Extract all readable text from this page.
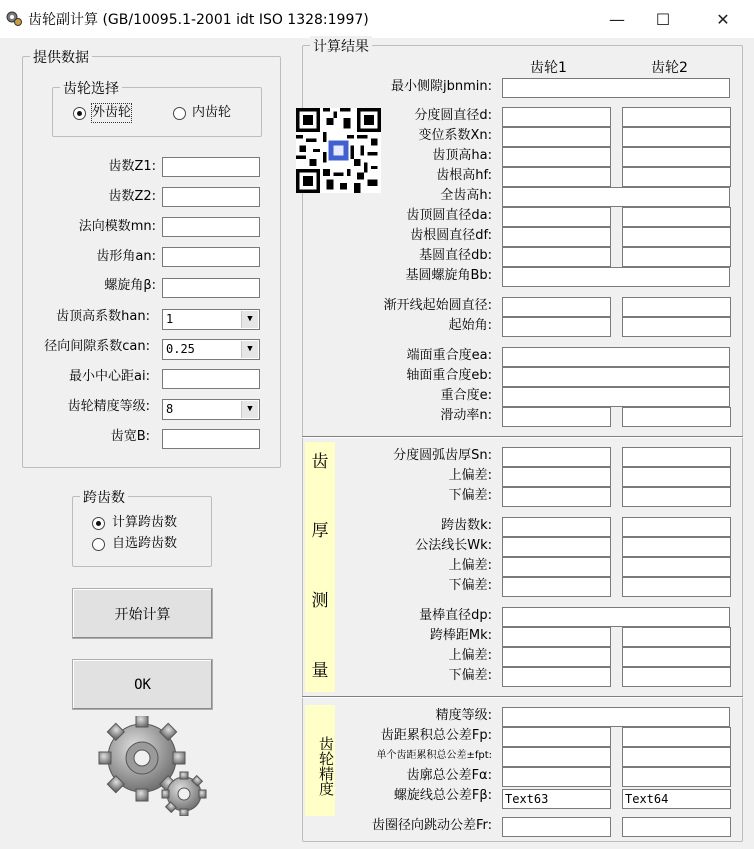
齿轮副计算 (GB/10095.1-2001 idt ISO 1328:1997)	—	☐	✕
提供数据
齿轮选择
外齿轮	内齿轮
齿数Z1:
齿数Z2:
法向模数mn:
齿形角an:
螺旋角β:
齿顶高系数han:	1	▼
径向间隙系数can:	0.25	▼
最小中心距ai:
齿轮精度等级:	8	▼
齿宽B:
跨齿数
计算跨齿数
自选跨齿数
开始计算
OK
计算结果
齿轮1	齿轮2
最小侧隙jbnmin:
分度圆直径d:
变位系数Xn:
齿顶高ha:
齿根高hf:
全齿高h:
齿顶圆直径da:
齿根圆直径df:
基圆直径db:
基圆螺旋角Bb:
渐开线起始圆直径:
起始角:
端面重合度ea:
轴面重合度eb:
重合度e:
滑动率n:
齿
厚
测
量
分度圆弧齿厚Sn:
上偏差:
下偏差:
跨齿数k:
公法线长Wk:
上偏差:
下偏差:
量棒直径dp:
跨棒距Mk:
上偏差:
下偏差:
齿轮精度
精度等级:
齿距累积总公差Fp:
单个齿距累积总公差±fpt:
齿廓总公差Fα:
螺旋线总公差Fβ: Text63	Text64
齿圈径向跳动公差Fr:
